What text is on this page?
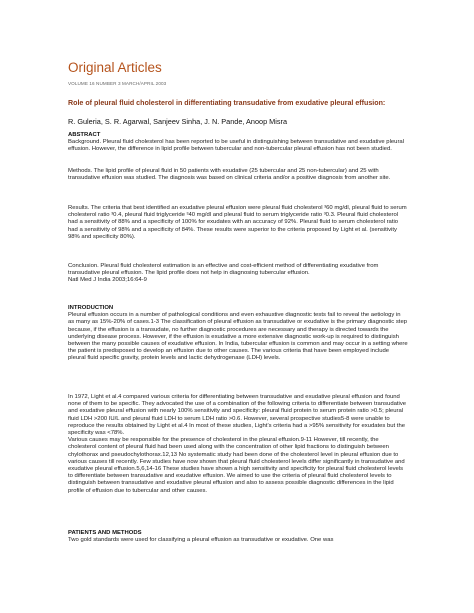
Original Articles
VOLUME 16 NUMBER 3 MARCH/APRIL 2003
Role of pleural fluid cholesterol in differentiating transudative from exudative pleural effusion:
R. Guleria, S. R. Agarwal, Sanjeev Sinha, J. N. Pande, Anoop Misra
ABSTRACT

Background. Pleural fluid cholesterol has been reported to be useful in distinguishing between transudative and exudative pleural effusion. However, the difference in lipid profile between tubercular and non-tubercular pleural effusion has not been studied.

Methods. The lipid profile of pleural fluid in 50 patients with exudative (25 tubercular and 25 non-tubercular) and 25 with transudative effusion was studied. The diagnosis was based on clinical criteria and/or a positive diagnosis from another site.

Results. The criteria that best identified an exudative pleural effusion were pleural fluid cholesterol ³60 mg/dl, pleural fluid to serum cholesterol ratio ³0.4, pleural fluid triglyceride ³40 mg/dl and pleural fluid to serum triglyceride ratio ³0.3. Pleural fluid cholesterol had a sensitivity of 88% and a specificity of 100% for exudates with an accuracy of 92%. Pleural fluid to serum cholesterol ratio had a sensitivity of 98% and a specificity of 84%. These results were superior to the criteria proposed by Light et al. (sensitivity 98% and specificity 80%).

Conclusion. Pleural fluid cholesterol estimation is an effective and cost-efficient method of differentiating exudative from transudative pleural effusion. The lipid profile does not help in diagnosing tubercular effusion.

Natl Med J India 2003;16:64-9

INTRODUCTION

Pleural effusion occurs in a number of pathological conditions and even exhaustive diagnostic tests fail to reveal the aetiology in as many as 15%-20% of cases.1-3 The classification of pleural effusion as transudative or exudative is the primary diagnostic step because, if the effusion is a transudate, no further diagnostic procedures are necessary and therapy is directed towards the underlying disease process. However, if the effusion is exudative a more extensive diagnostic work-up is required to distinguish between the many possible causes of exudative effusion. In India, tubercular effusion is common and may occur in a setting where the patient is predisposed to develop an effusion due to other causes. The various criteria that have been employed include pleural fluid specific gravity, protein levels and lactic dehydrogenase (LDH) levels.

In 1972, Light et al.4 compared various criteria for differentiating between transudative and exudative pleural effusion and found none of them to be specific. They advocated the use of a combination of the following criteria to differentiate between transudative and exudative pleural effusion with nearly 100% sensitivity and specificity: pleural fluid protein to serum protein ratio >0.5; pleural fluid LDH >200 IU/L and pleural fluid LDH to serum LDH ratio >0.6. However, several prospective studies5-8 were unable to reproduce the results obtained by Light et al.4 In most of these studies, Light’s criteria had a >95% sensitivity for exudates but the specificity was <78%.

Various causes may be responsible for the presence of cholesterol in the pleural effusion.9-11 However, till recently, the cholesterol content of pleural fluid had been used along with the concentration of other lipid fractions to distinguish between chylothorax and pseudochylothorax.12,13 No systematic study had been done of the cholesterol level in pleural effusion due to various causes till recently. Few studies have now shown that pleural fluid cholesterol levels differ significantly in transudative and exudative pleural effusion.5,6,14-16 These studies have shown a high sensitivity and specificity for pleural fluid cholesterol levels to differentiate between transudative and exudative effusion. We aimed to use the criteria of pleural fluid cholesterol levels to distinguish between transudative and exudative pleural effusion and also to assess possible diagnostic differences in the lipid profile of effusion due to tubercular and other causes.

PATIENTS AND METHODS

Two gold standards were used for classifying a pleural effusion as transudative or exudative. One was
